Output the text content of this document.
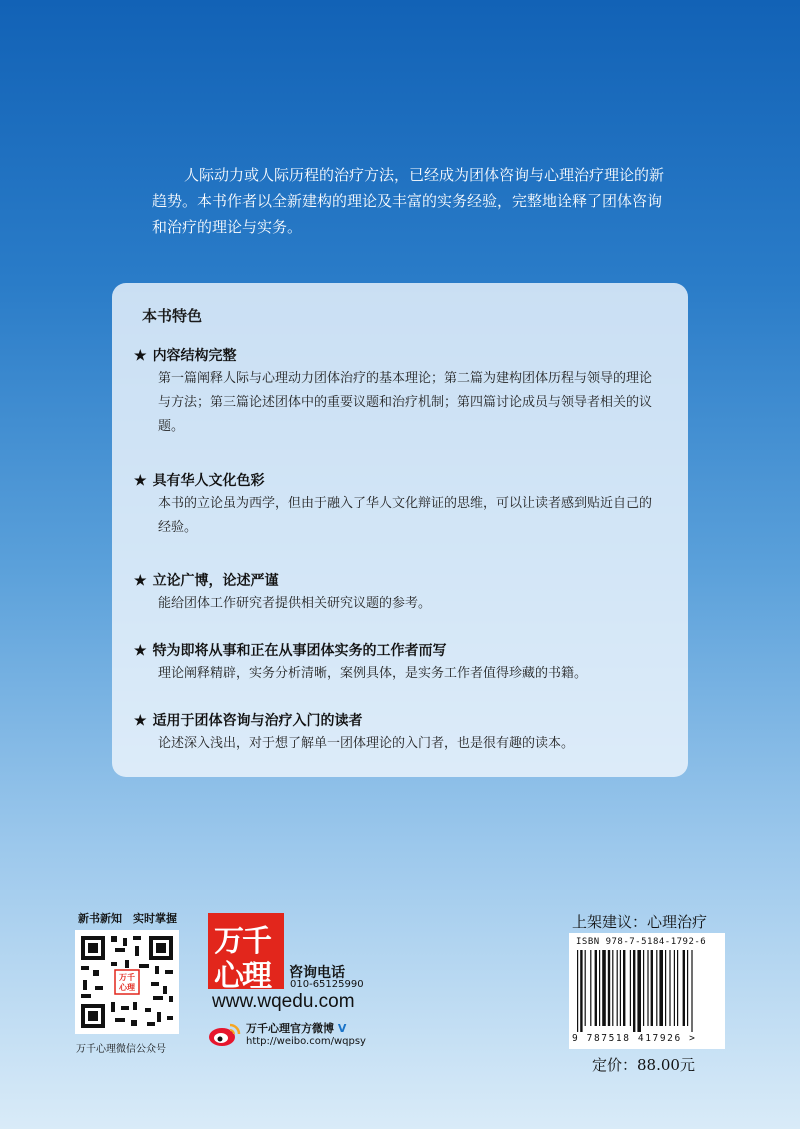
人际动力或人际历程的治疗方法，已经成为团体咨询与心理治疗理论的新趋势。本书作者以全新建构的理论及丰富的实务经验，完整地诠释了团体咨询和治疗的理论与实务。

本书特色
★ 内容结构完整
第一篇阐释人际与心理动力团体治疗的基本理论；第二篇为建构团体历程与领导的理论与方法；第三篇论述团体中的重要议题和治疗机制；第四篇讨论成员与领导者相关的议题。
★ 具有华人文化色彩
本书的立论虽为西学，但由于融入了华人文化辩证的思维，可以让读者感到贴近自己的经验。
★ 立论广博，论述严谨
能给团体工作研究者提供相关研究议题的参考。
★ 特为即将从事和正在从事团体实务的工作者而写
理论阐释精辟，实务分析清晰，案例具体，是实务工作者值得珍藏的书籍。
★ 适用于团体咨询与治疗入门的读者
论述深入浅出，对于想了解单一团体理论的入门者，也是很有趣的读本。
新书新知　实时掌握
万千
心理
万千心理微信公众号
万千
心理 咨询电话
010-65125990
www.wqedu.com
万千心理官方微博 V
http://weibo.com/wqpsy
上架建议：心理治疗
ISBN 978-7-5184-1792-6
9 787518 417926 >
定价：88.00元
